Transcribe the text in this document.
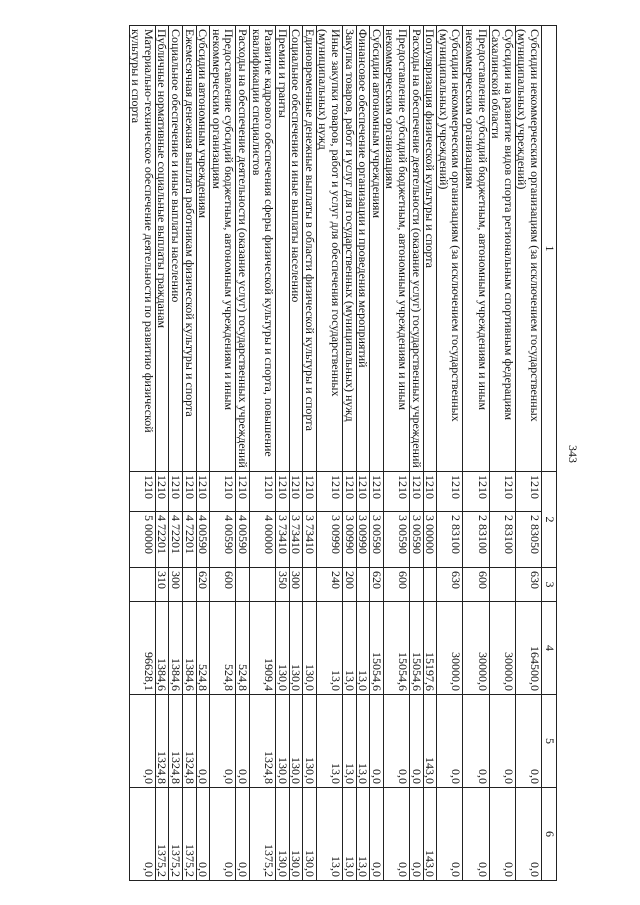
343
1	2		3	4	5	6
Субсидии некоммерческим организациям (за исключением государственных (муниципальных) учреждений)	1210	2 83050	630	164500,0	0,0	0,0
Субсидии на развитие видов спорта региональным спортивным федерациям Сахалинской области	1210	2 83100		30000,0	0,0	0,0
Предоставление субсидий бюджетным, автономным учреждениям и иным некоммерческим организациям	1210	2 83100	600	30000,0	0,0	0,0
Субсидии некоммерческим организациям (за исключением государственных (муниципальных) учреждений)	1210	2 83100	630	30000,0	0,0	0,0
Популяризация физической культуры и спорта	1210	3 00000		15197,6	143,0	143,0
Расходы на обеспечение деятельности (оказание услуг) государственных учреждений	1210	3 00590		15054,6	0,0	0,0
Предоставление субсидий бюджетным, автономным учреждениям и иным некоммерческим организациям	1210	3 00590	600	15054,6	0,0	0,0
Субсидии автономным учреждениям	1210	3 00590	620	15054,6	0,0	0,0
Финансовое обеспечение организации и проведения мероприятий	1210	3 00990		13,0	13,0	13,0
Закупка товаров, работ и услуг для государственных (муниципальных) нужд	1210	3 00990	200	13,0	13,0	13,0
Иные закупки товаров, работ и услуг для обеспечения государственных (муниципальных) нужд	1210	3 00990	240	13,0	13,0	13,0
Единовременные денежные выплаты в области физической культуры и спорта	1210	3 73410		130,0	130,0	130,0
Социальное обеспечение и иные выплаты населению	1210	3 73410	300	130,0	130,0	130,0
Премии и гранты	1210	3 73410	350	130,0	130,0	130,0
Развитие кадрового обеспечения сферы физической культуры и спорта, повышение квалификации специалистов	1210	4 00000		1909,4	1324,8	1375,2
Расходы на обеспечение деятельности (оказание услуг) государственных учреждений	1210	4 00590		524,8	0,0	0,0
Предоставление субсидий бюджетным, автономным учреждениям и иным некоммерческим организациям	1210	4 00590	600	524,8	0,0	0,0
Субсидии автономным учреждениям	1210	4 00590	620	524,8	0,0	0,0
Ежемесячная денежная выплата работникам физической культуры и спорта	1210	4 72201		1384,6	1324,8	1375,2
Социальное обеспечение и иные выплаты населению	1210	4 72201	300	1384,6	1324,8	1375,2
Публичные нормативные социальные выплаты гражданам	1210	4 72201	310	1384,6	1324,8	1375,2
Материально-техническое обеспечение деятельности по развитию физической культуры и спорта	1210	5 00000		96628,1	0,0	0,0
